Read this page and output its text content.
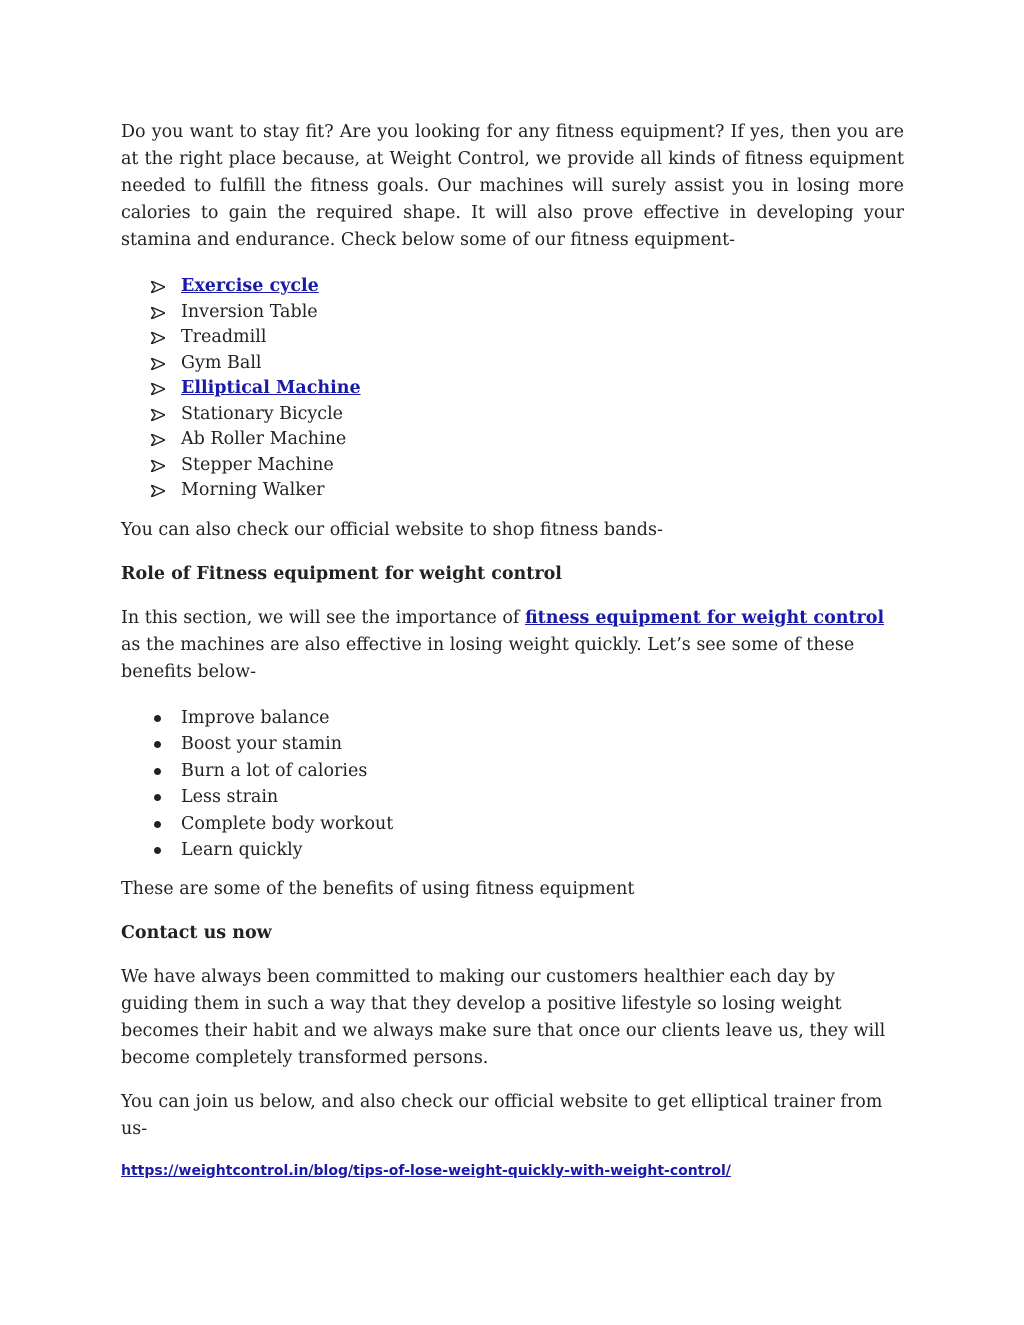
Do you want to stay fit? Are you looking for any fitness equipment? If yes, then you are at the right place because, at Weight Control, we provide all kinds of fitness equipment needed to fulfill the fitness goals. Our machines will surely assist you in losing more calories to gain the required shape. It will also prove effective in developing your stamina and endurance. Check below some of our fitness equipment-

Exercise cycle
Inversion Table
Treadmill
Gym Ball
Elliptical Machine
Stationary Bicycle
Ab Roller Machine
Stepper Machine
Morning Walker

You can also check our official website to shop fitness bands-

Role of Fitness equipment for weight control

In this section, we will see the importance of fitness equipment for weight control as the machines are also effective in losing weight quickly. Let’s see some of these benefits below-

Improve balance
Boost your stamin
Burn a lot of calories
Less strain
Complete body workout
Learn quickly

These are some of the benefits of using fitness equipment

Contact us now

We have always been committed to making our customers healthier each day by guiding them in such a way that they develop a positive lifestyle so losing weight becomes their habit and we always make sure that once our clients leave us, they will become completely transformed persons.

You can join us below, and also check our official website to get elliptical trainer from us-

https://weightcontrol.in/blog/tips-of-lose-weight-quickly-with-weight-control/
